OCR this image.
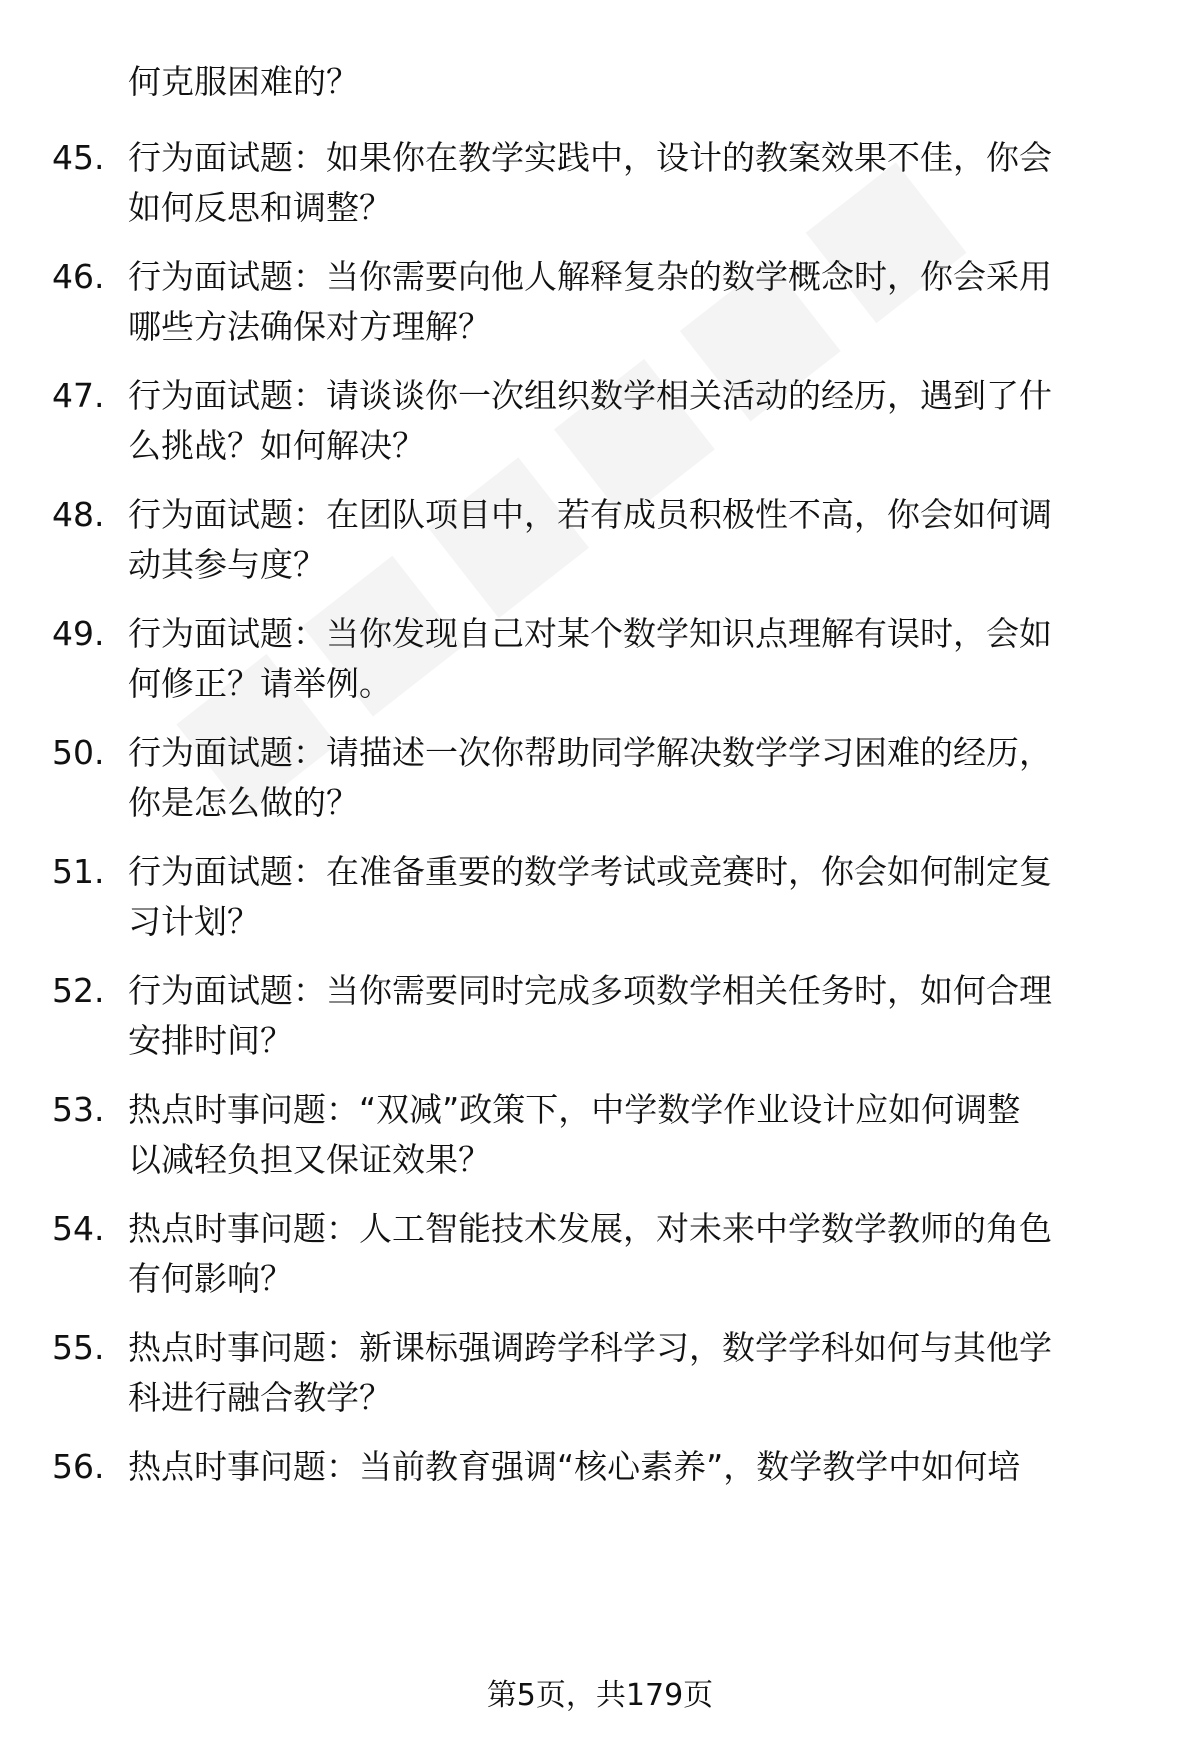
何克服困难的？
45. 行为面试题：如果你在教学实践中，设计的教案效果不佳，你会
如何反思和调整？
46. 行为面试题：当你需要向他人解释复杂的数学概念时，你会采用
哪些方法确保对方理解？
47. 行为面试题：请谈谈你一次组织数学相关活动的经历，遇到了什
么挑战？如何解决？
48. 行为面试题：在团队项目中，若有成员积极性不高，你会如何调
动其参与度？
49. 行为面试题：当你发现自己对某个数学知识点理解有误时，会如
何修正？请举例。
50. 行为面试题：请描述一次你帮助同学解决数学学习困难的经历，
你是怎么做的？
51. 行为面试题：在准备重要的数学考试或竞赛时，你会如何制定复
习计划？
52. 行为面试题：当你需要同时完成多项数学相关任务时，如何合理
安排时间？
53. 热点时事问题：“双减”政策下，中学数学作业设计应如何调整
以减轻负担又保证效果？
54. 热点时事问题：人工智能技术发展，对未来中学数学教师的角色
有何影响？
55. 热点时事问题：新课标强调跨学科学习，数学学科如何与其他学
科进行融合教学？
56. 热点时事问题：当前教育强调“核心素养”，数学教学中如何培
第5页，共179页
